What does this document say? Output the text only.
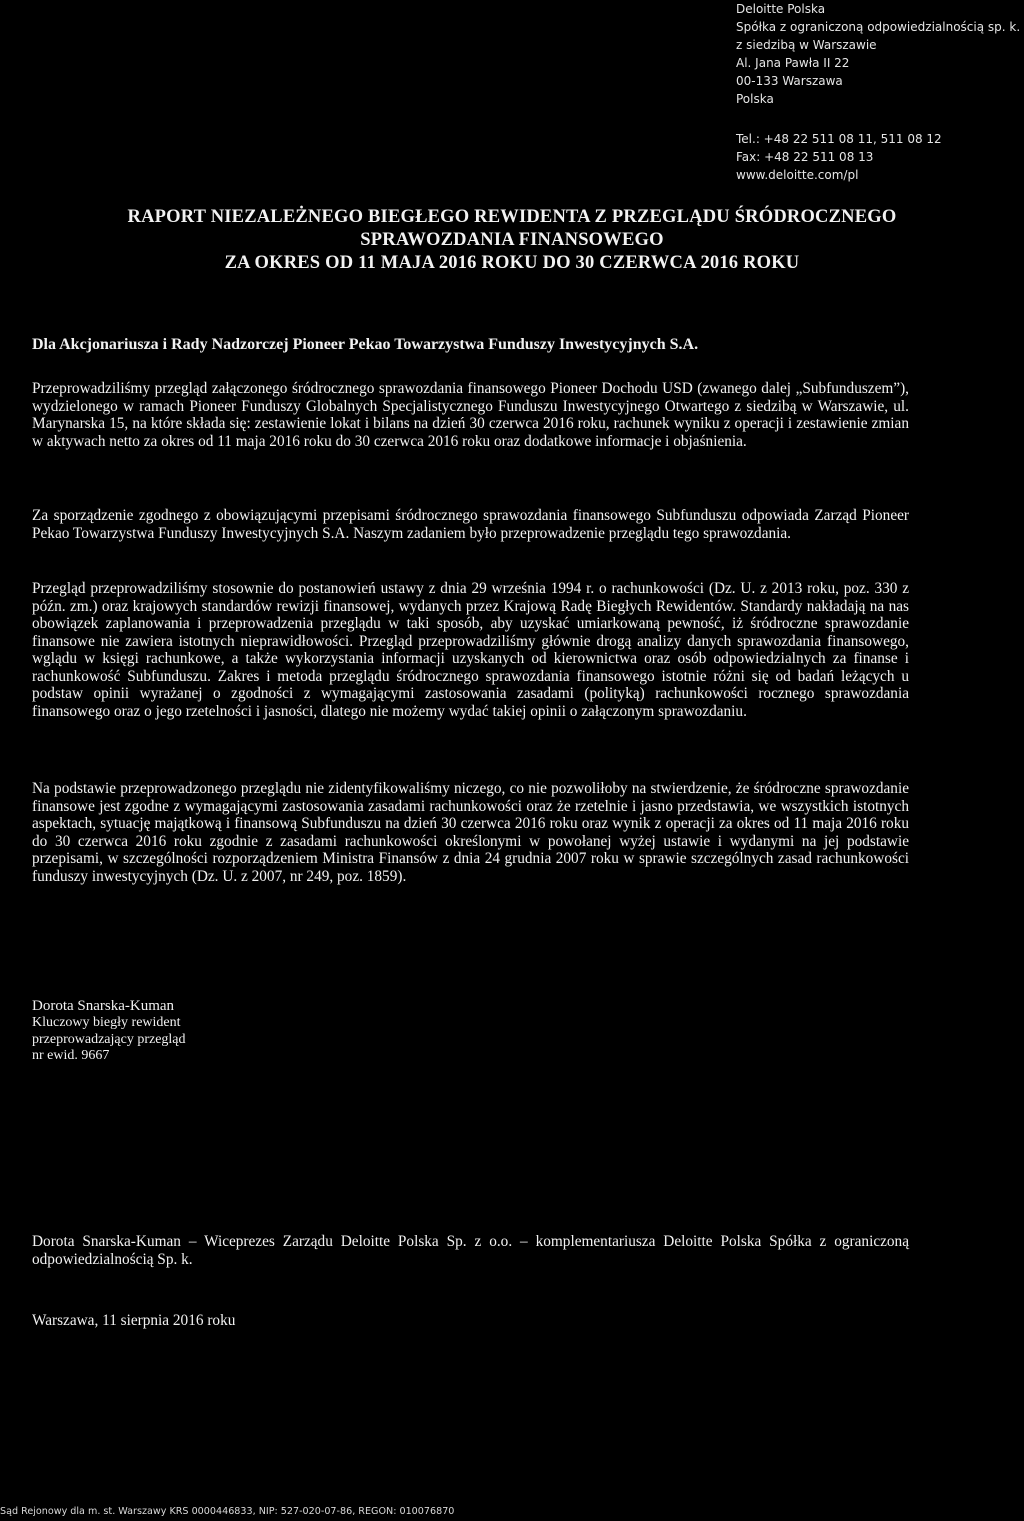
Deloitte Polska
Spółka z ograniczoną odpowiedzialnością sp. k.
z siedzibą w Warszawie
Al. Jana Pawła II 22
00-133 Warszawa
Polska
Tel.: +48 22 511 08 11, 511 08 12
Fax: +48 22 511 08 13
www.deloitte.com/pl
RAPORT NIEZALEŻNEGO BIEGŁEGO REWIDENTA Z PRZEGLĄDU ŚRÓDROCZNEGO
SPRAWOZDANIA FINANSOWEGO
ZA OKRES OD 11 MAJA 2016 ROKU DO 30 CZERWCA 2016 ROKU
Dla Akcjonariusza i Rady Nadzorczej Pioneer Pekao Towarzystwa Funduszy Inwestycyjnych S.A.
Przeprowadziliśmy przegląd załączonego śródrocznego sprawozdania finansowego Pioneer Dochodu USD (zwanego dalej „Subfunduszem”), wydzielonego w ramach Pioneer Funduszy Globalnych Specjalistycznego Funduszu Inwestycyjnego Otwartego z siedzibą w Warszawie, ul. Marynarska 15, na które składa się: zestawienie lokat i bilans na dzień 30 czerwca 2016 roku, rachunek wyniku z operacji i zestawienie zmian w aktywach netto za okres od 11 maja 2016 roku do 30 czerwca 2016 roku oraz dodatkowe informacje i objaśnienia.
Za sporządzenie zgodnego z obowiązującymi przepisami śródrocznego sprawozdania finansowego Subfunduszu odpowiada Zarząd Pioneer Pekao Towarzystwa Funduszy Inwestycyjnych S.A. Naszym zadaniem było przeprowadzenie przeglądu tego sprawozdania.
Przegląd przeprowadziliśmy stosownie do postanowień ustawy z dnia 29 września 1994 r. o rachunkowości (Dz. U. z 2013 roku, poz. 330 z późn. zm.) oraz krajowych standardów rewizji finansowej, wydanych przez Krajową Radę Biegłych Rewidentów. Standardy nakładają na nas obowiązek zaplanowania i przeprowadzenia przeglądu w taki sposób, aby uzyskać umiarkowaną pewność, iż śródroczne sprawozdanie finansowe nie zawiera istotnych nieprawidłowości. Przegląd przeprowadziliśmy głównie drogą analizy danych sprawozdania finansowego, wglądu w księgi rachunkowe, a także wykorzystania informacji uzyskanych od kierownictwa oraz osób odpowiedzialnych za finanse i rachunkowość Subfunduszu. Zakres i metoda przeglądu śródrocznego sprawozdania finansowego istotnie różni się od badań leżących u podstaw opinii wyrażanej o zgodności z wymagającymi zastosowania zasadami (polityką) rachunkowości rocznego sprawozdania finansowego oraz o jego rzetelności i jasności, dlatego nie możemy wydać takiej opinii o załączonym sprawozdaniu.
Na podstawie przeprowadzonego przeglądu nie zidentyfikowaliśmy niczego, co nie pozwoliłoby na stwierdzenie, że śródroczne sprawozdanie finansowe jest zgodne z wymagającymi zastosowania zasadami rachunkowości oraz że rzetelnie i jasno przedstawia, we wszystkich istotnych aspektach, sytuację majątkową i finansową Subfunduszu na dzień 30 czerwca 2016 roku oraz wynik z operacji za okres od 11 maja 2016 roku do 30 czerwca 2016 roku zgodnie z zasadami rachunkowości określonymi w powołanej wyżej ustawie i wydanymi na jej podstawie przepisami, w szczególności rozporządzeniem Ministra Finansów z dnia 24 grudnia 2007 roku w sprawie szczególnych zasad rachunkowości funduszy inwestycyjnych (Dz. U. z 2007, nr 249, poz. 1859).
Dorota Snarska-Kuman
Kluczowy biegły rewident
przeprowadzający przegląd
nr ewid. 9667
Dorota Snarska-Kuman – Wiceprezes Zarządu Deloitte Polska Sp. z o.o. – komplementariusza Deloitte Polska Spółka z ograniczoną odpowiedzialnością Sp. k.
Warszawa, 11 sierpnia 2016 roku
Sąd Rejonowy dla m. st. Warszawy KRS 0000446833, NIP: 527-020-07-86, REGON: 010076870
